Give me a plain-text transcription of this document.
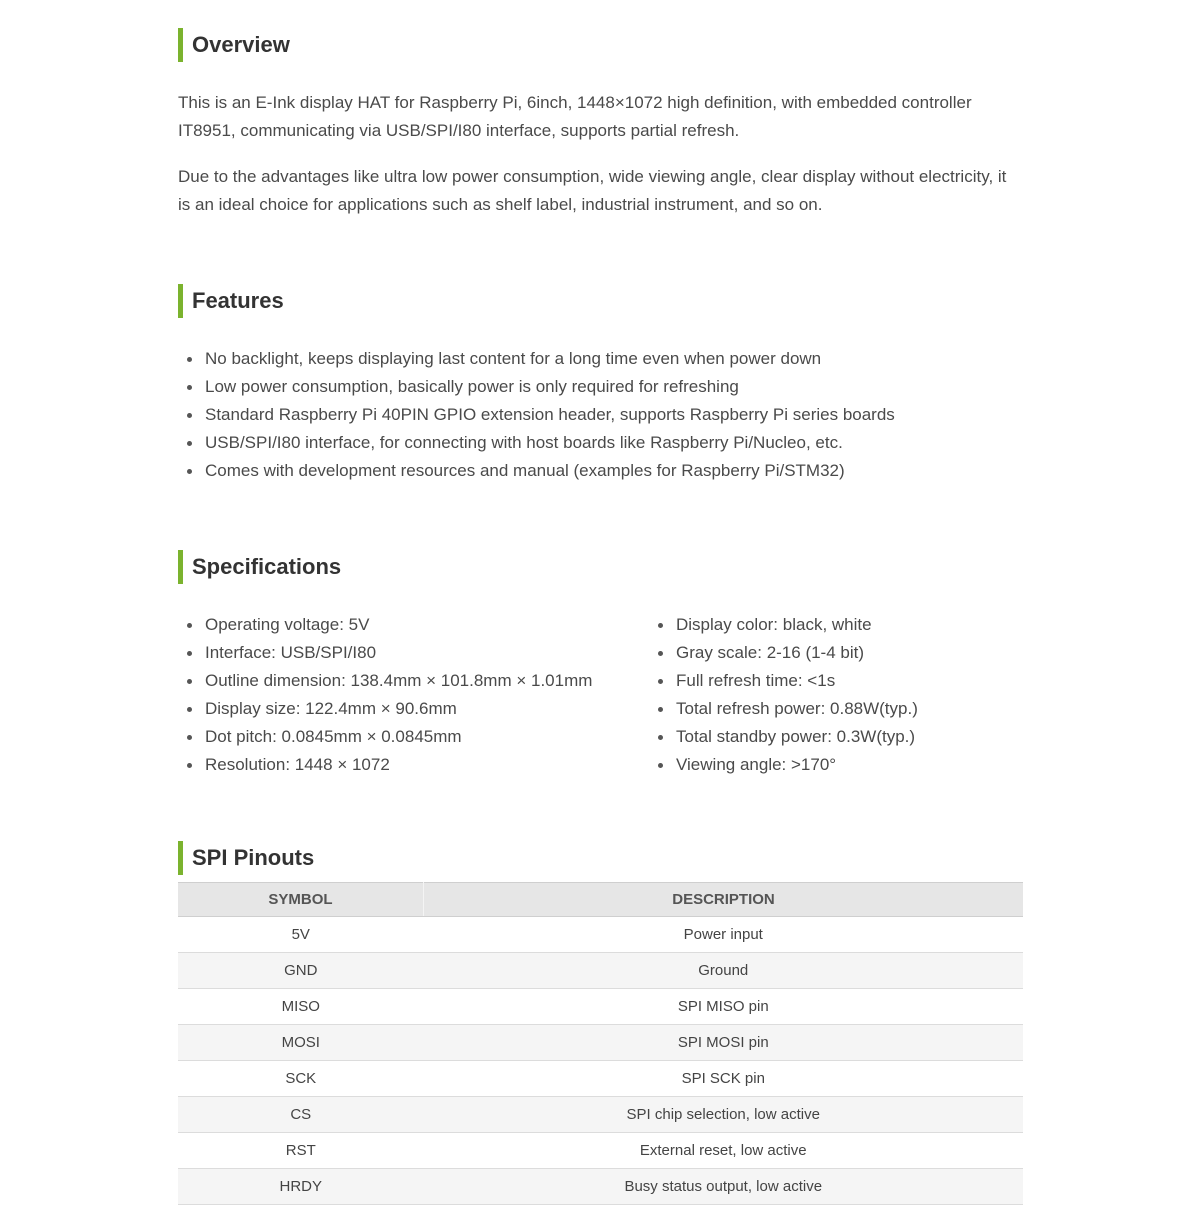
Overview

This is an E-Ink display HAT for Raspberry Pi, 6inch, 1448×1072 high definition, with embedded controller IT8951, communicating via USB/SPI/I80 interface, supports partial refresh.

Due to the advantages like ultra low power consumption, wide viewing angle, clear display without electricity, it is an ideal choice for applications such as shelf label, industrial instrument, and so on.

Features
No backlight, keeps displaying last content for a long time even when power down
Low power consumption, basically power is only required for refreshing
Standard Raspberry Pi 40PIN GPIO extension header, supports Raspberry Pi series boards
USB/SPI/I80 interface, for connecting with host boards like Raspberry Pi/Nucleo, etc.
Comes with development resources and manual (examples for Raspberry Pi/STM32)
Specifications
Operating voltage: 5V
Interface: USB/SPI/I80
Outline dimension: 138.4mm × 101.8mm × 1.01mm
Display size: 122.4mm × 90.6mm
Dot pitch: 0.0845mm × 0.0845mm
Resolution: 1448 × 1072
Display color: black, white
Gray scale: 2-16 (1-4 bit)
Full refresh time: <1s
Total refresh power: 0.88W(typ.)
Total standby power: 0.3W(typ.)
Viewing angle: >170°
SPI Pinouts
SYMBOL	DESCRIPTION
5V	Power input
GND	Ground
MISO	SPI MISO pin
MOSI	SPI MOSI pin
SCK	SPI SCK pin
CS	SPI chip selection, low active
RST	External reset, low active
HRDY	Busy status output, low active
